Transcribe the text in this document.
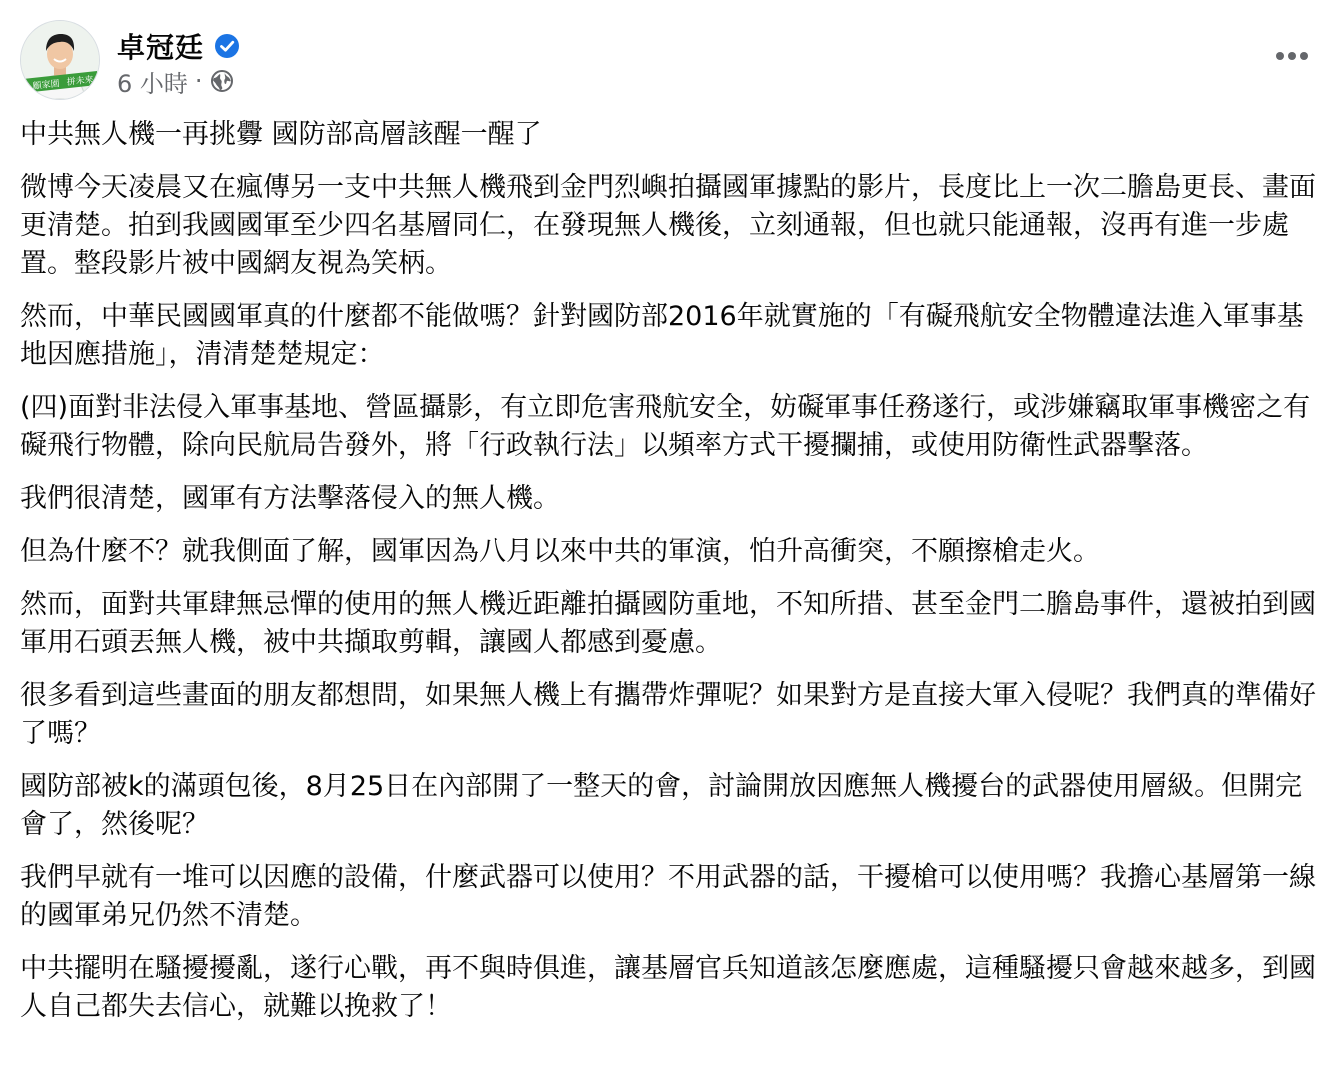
顧家園 拼未來
卓冠廷
6 小時 ·

中共無人機一再挑釁 國防部高層該醒一醒了

微博今天凌晨又在瘋傳另一支中共無人機飛到金門烈嶼拍攝國軍據點的影片，長度比上一次二膽島更長、畫面更清楚。拍到我國國軍至少四名基層同仁，在發現無人機後，立刻通報，但也就只能通報，沒再有進一步處置。整段影片被中國網友視為笑柄。

然而，中華民國國軍真的什麼都不能做嗎？針對國防部2016年就實施的「有礙飛航安全物體違法進入軍事基地因應措施」，清清楚楚規定：

(四)面對非法侵入軍事基地、營區攝影，有立即危害飛航安全，妨礙軍事任務遂行，或涉嫌竊取軍事機密之有礙飛行物體，除向民航局告發外，將「行政執行法」以頻率方式干擾攔捕，或使用防衛性武器擊落。

我們很清楚，國軍有方法擊落侵入的無人機。

但為什麼不？就我側面了解，國軍因為八月以來中共的軍演，怕升高衝突，不願擦槍走火。

然而，面對共軍肆無忌憚的使用的無人機近距離拍攝國防重地，不知所措、甚至金門二膽島事件，還被拍到國軍用石頭丟無人機，被中共擷取剪輯，讓國人都感到憂慮。

很多看到這些畫面的朋友都想問，如果無人機上有攜帶炸彈呢？如果對方是直接大軍入侵呢？我們真的準備好了嗎？

國防部被k的滿頭包後，8月25日在內部開了一整天的會，討論開放因應無人機擾台的武器使用層級。但開完會了，然後呢？

我們早就有一堆可以因應的設備，什麼武器可以使用？不用武器的話，干擾槍可以使用嗎？我擔心基層第一線的國軍弟兄仍然不清楚。

中共擺明在騷擾擾亂，遂行心戰，再不與時俱進，讓基層官兵知道該怎麼應處，這種騷擾只會越來越多，到國人自己都失去信心，就難以挽救了！
